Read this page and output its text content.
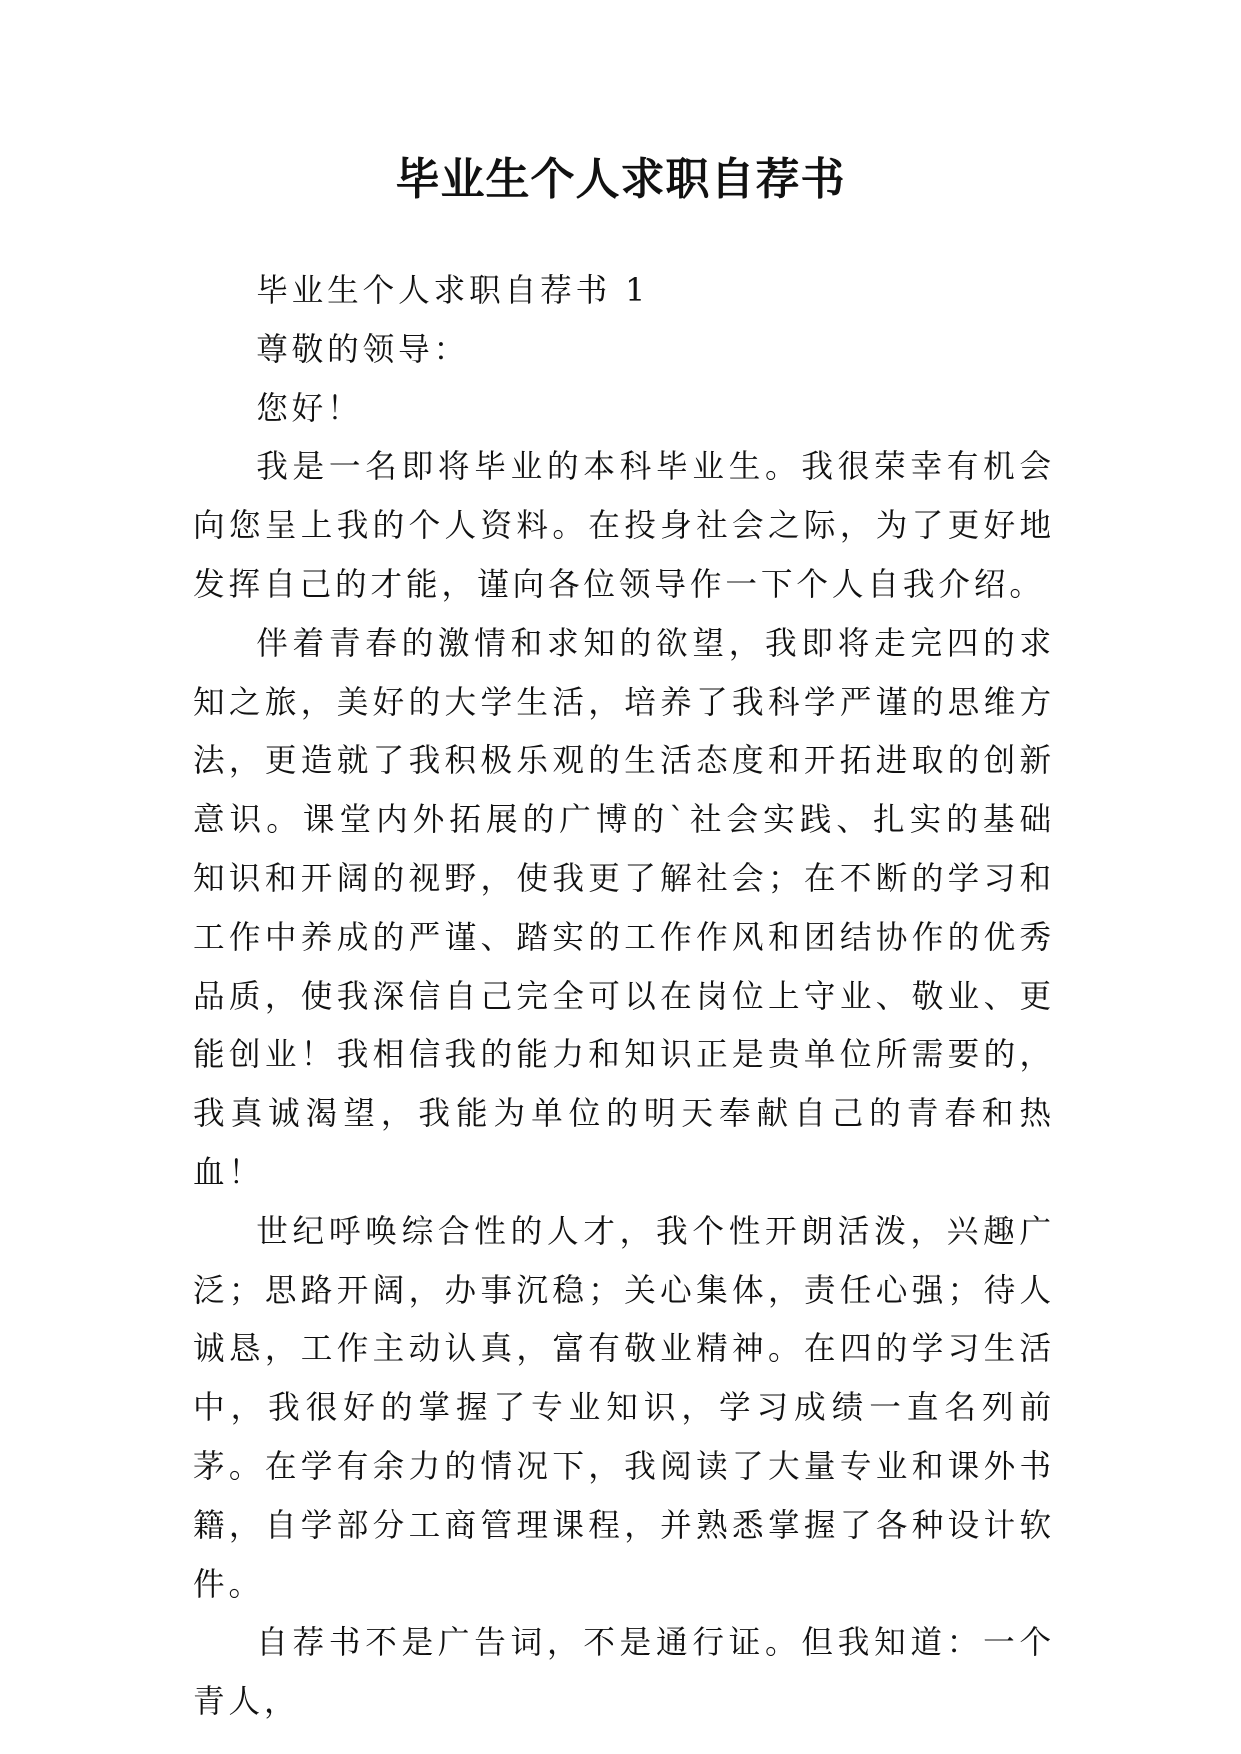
毕业生个人求职自荐书

毕业生个人求职自荐书 1

尊敬的领导：

您好！

我是一名即将毕业的本科毕业生。我很荣幸有机会向您呈上我的个人资料。在投身社会之际，为了更好地发挥自己的才能，谨向各位领导作一下个人自我介绍。

伴着青春的激情和求知的欲望，我即将走完四的求知之旅，美好的大学生活，培养了我科学严谨的思维方法，更造就了我积极乐观的生活态度和开拓进取的创新意识。课堂内外拓展的广博的`社会实践、扎实的基础知识和开阔的视野，使我更了解社会；在不断的学习和工作中养成的严谨、踏实的工作作风和团结协作的优秀品质，使我深信自己完全可以在岗位上守业、敬业、更能创业！我相信我的能力和知识正是贵单位所需要的，我真诚渴望，我能为单位的明天奉献自己的青春和热血！

世纪呼唤综合性的人才，我个性开朗活泼，兴趣广泛；思路开阔，办事沉稳；关心集体，责任心强；待人诚恳，工作主动认真，富有敬业精神。在四的学习生活中，我很好的掌握了专业知识，学习成绩一直名列前茅。在学有余力的情况下，我阅读了大量专业和课外书籍，自学部分工商管理课程，并熟悉掌握了各种设计软件。

自荐书不是广告词，不是通行证。但我知道：一个青人，
